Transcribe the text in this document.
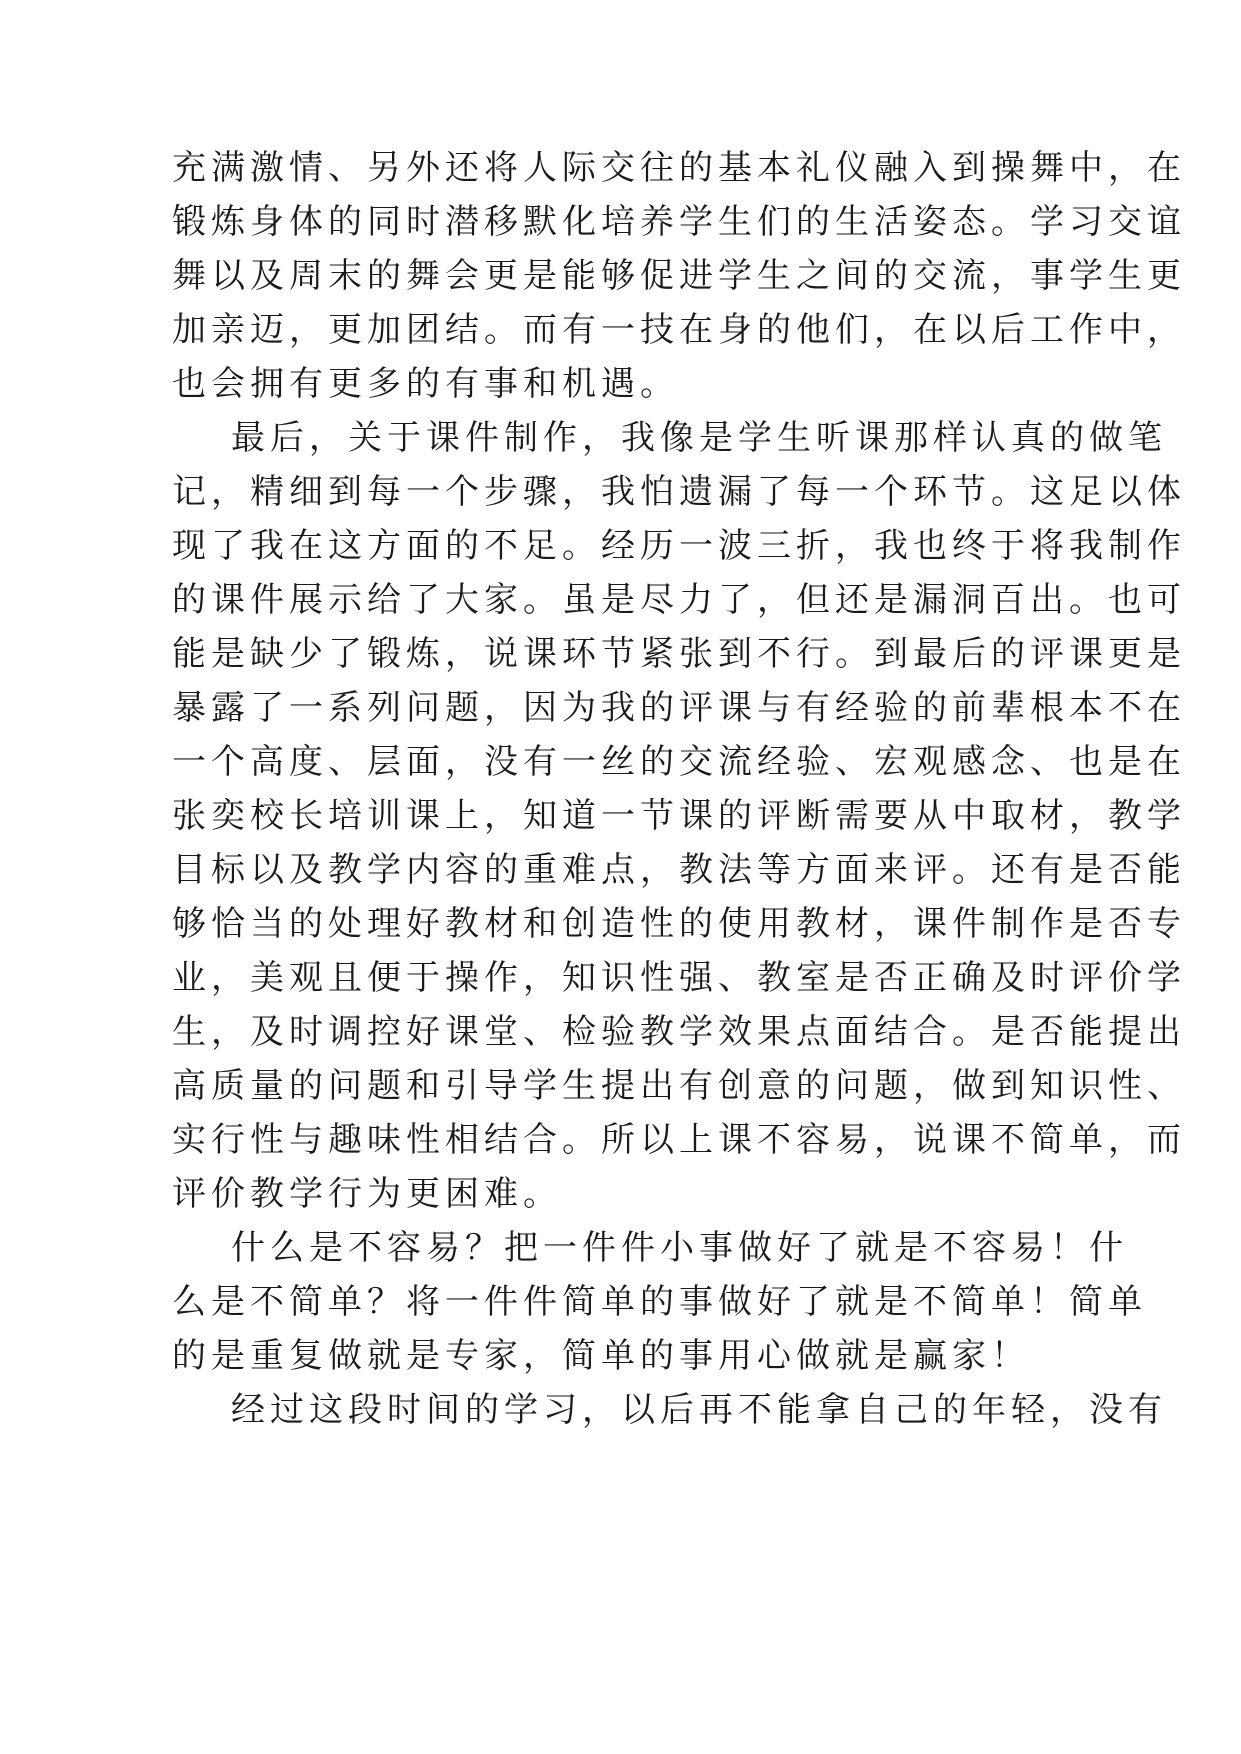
充满激情、另外还将人际交往的基本礼仪融入到操舞中，在
锻炼身体的同时潜移默化培养学生们的生活姿态。学习交谊
舞以及周末的舞会更是能够促进学生之间的交流，事学生更
加亲迈，更加团结。而有一技在身的他们，在以后工作中，
也会拥有更多的有事和机遇。
最后，关于课件制作，我像是学生听课那样认真的做笔
记，精细到每一个步骤，我怕遗漏了每一个环节。这足以体
现了我在这方面的不足。经历一波三折，我也终于将我制作
的课件展示给了大家。虽是尽力了，但还是漏洞百出。也可
能是缺少了锻炼，说课环节紧张到不行。到最后的评课更是
暴露了一系列问题，因为我的评课与有经验的前辈根本不在
一个高度、层面，没有一丝的交流经验、宏观感念、也是在
张奕校长培训课上，知道一节课的评断需要从中取材，教学
目标以及教学内容的重难点，教法等方面来评。还有是否能
够恰当的处理好教材和创造性的使用教材，课件制作是否专
业，美观且便于操作，知识性强、教室是否正确及时评价学
生，及时调控好课堂、检验教学效果点面结合。是否能提出
高质量的问题和引导学生提出有创意的问题，做到知识性、
实行性与趣味性相结合。所以上课不容易，说课不简单，而
评价教学行为更困难。
什么是不容易？把一件件小事做好了就是不容易！什
么是不简单？将一件件简单的事做好了就是不简单！简单
的是重复做就是专家，简单的事用心做就是赢家！
经过这段时间的学习，以后再不能拿自己的年轻，没有
